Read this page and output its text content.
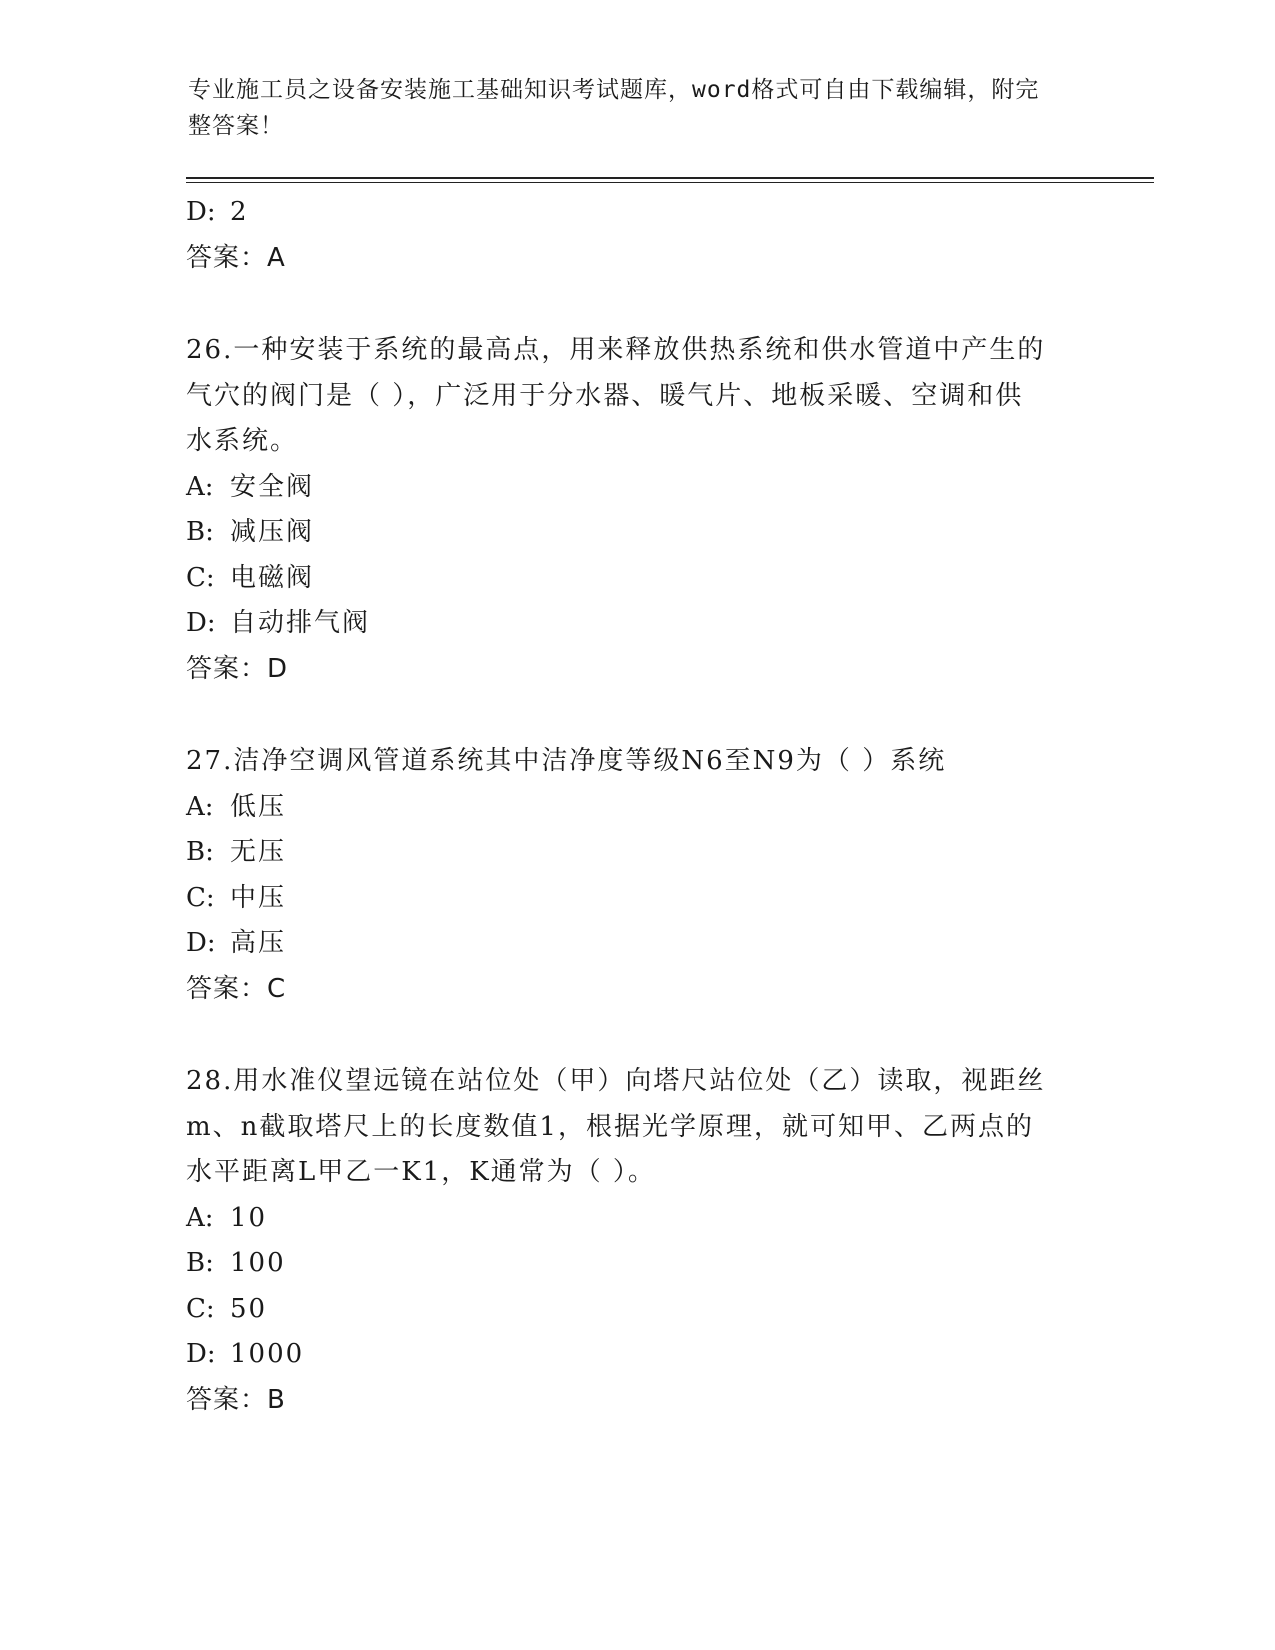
专业施工员之设备安装施工基础知识考试题库，word格式可自由下载编辑，附完
整答案！
D: 2
答案：A
26.一种安装于系统的最高点，用来释放供热系统和供水管道中产生的
气穴的阀门是（ ），广泛用于分水器、暖气片、地板采暖、空调和供
水系统。
A: 安全阀
B: 减压阀
C: 电磁阀
D: 自动排气阀
答案：D
27.洁净空调风管道系统其中洁净度等级N6至N9为（ ）系统
A: 低压
B: 无压
C: 中压
D: 高压
答案：C
28.用水准仪望远镜在站位处（甲）向塔尺站位处（乙）读取，视距丝
m、n截取塔尺上的长度数值1，根据光学原理，就可知甲、乙两点的
水平距离L甲乙一K1，K通常为（ ）。
A: 10
B: 100
C: 50
D: 1000
答案：B
